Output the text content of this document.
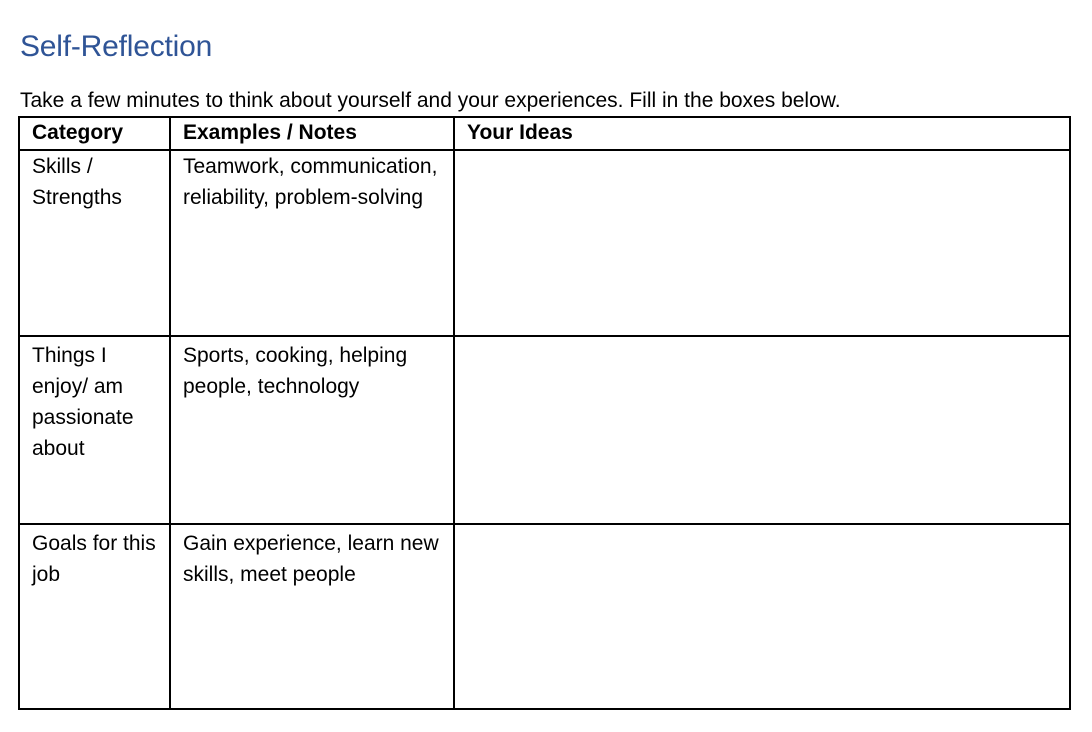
Self-Reflection

Take a few minutes to think about yourself and your experiences. Fill in the boxes below.

Category	Examples / Notes	Your Ideas

Skills / Strengths	Teamwork, communication, reliability, problem-solving	

Things I enjoy/ am passionate about	Sports, cooking, helping people, technology	

Goals for this job	Gain experience, learn new skills, meet people	
